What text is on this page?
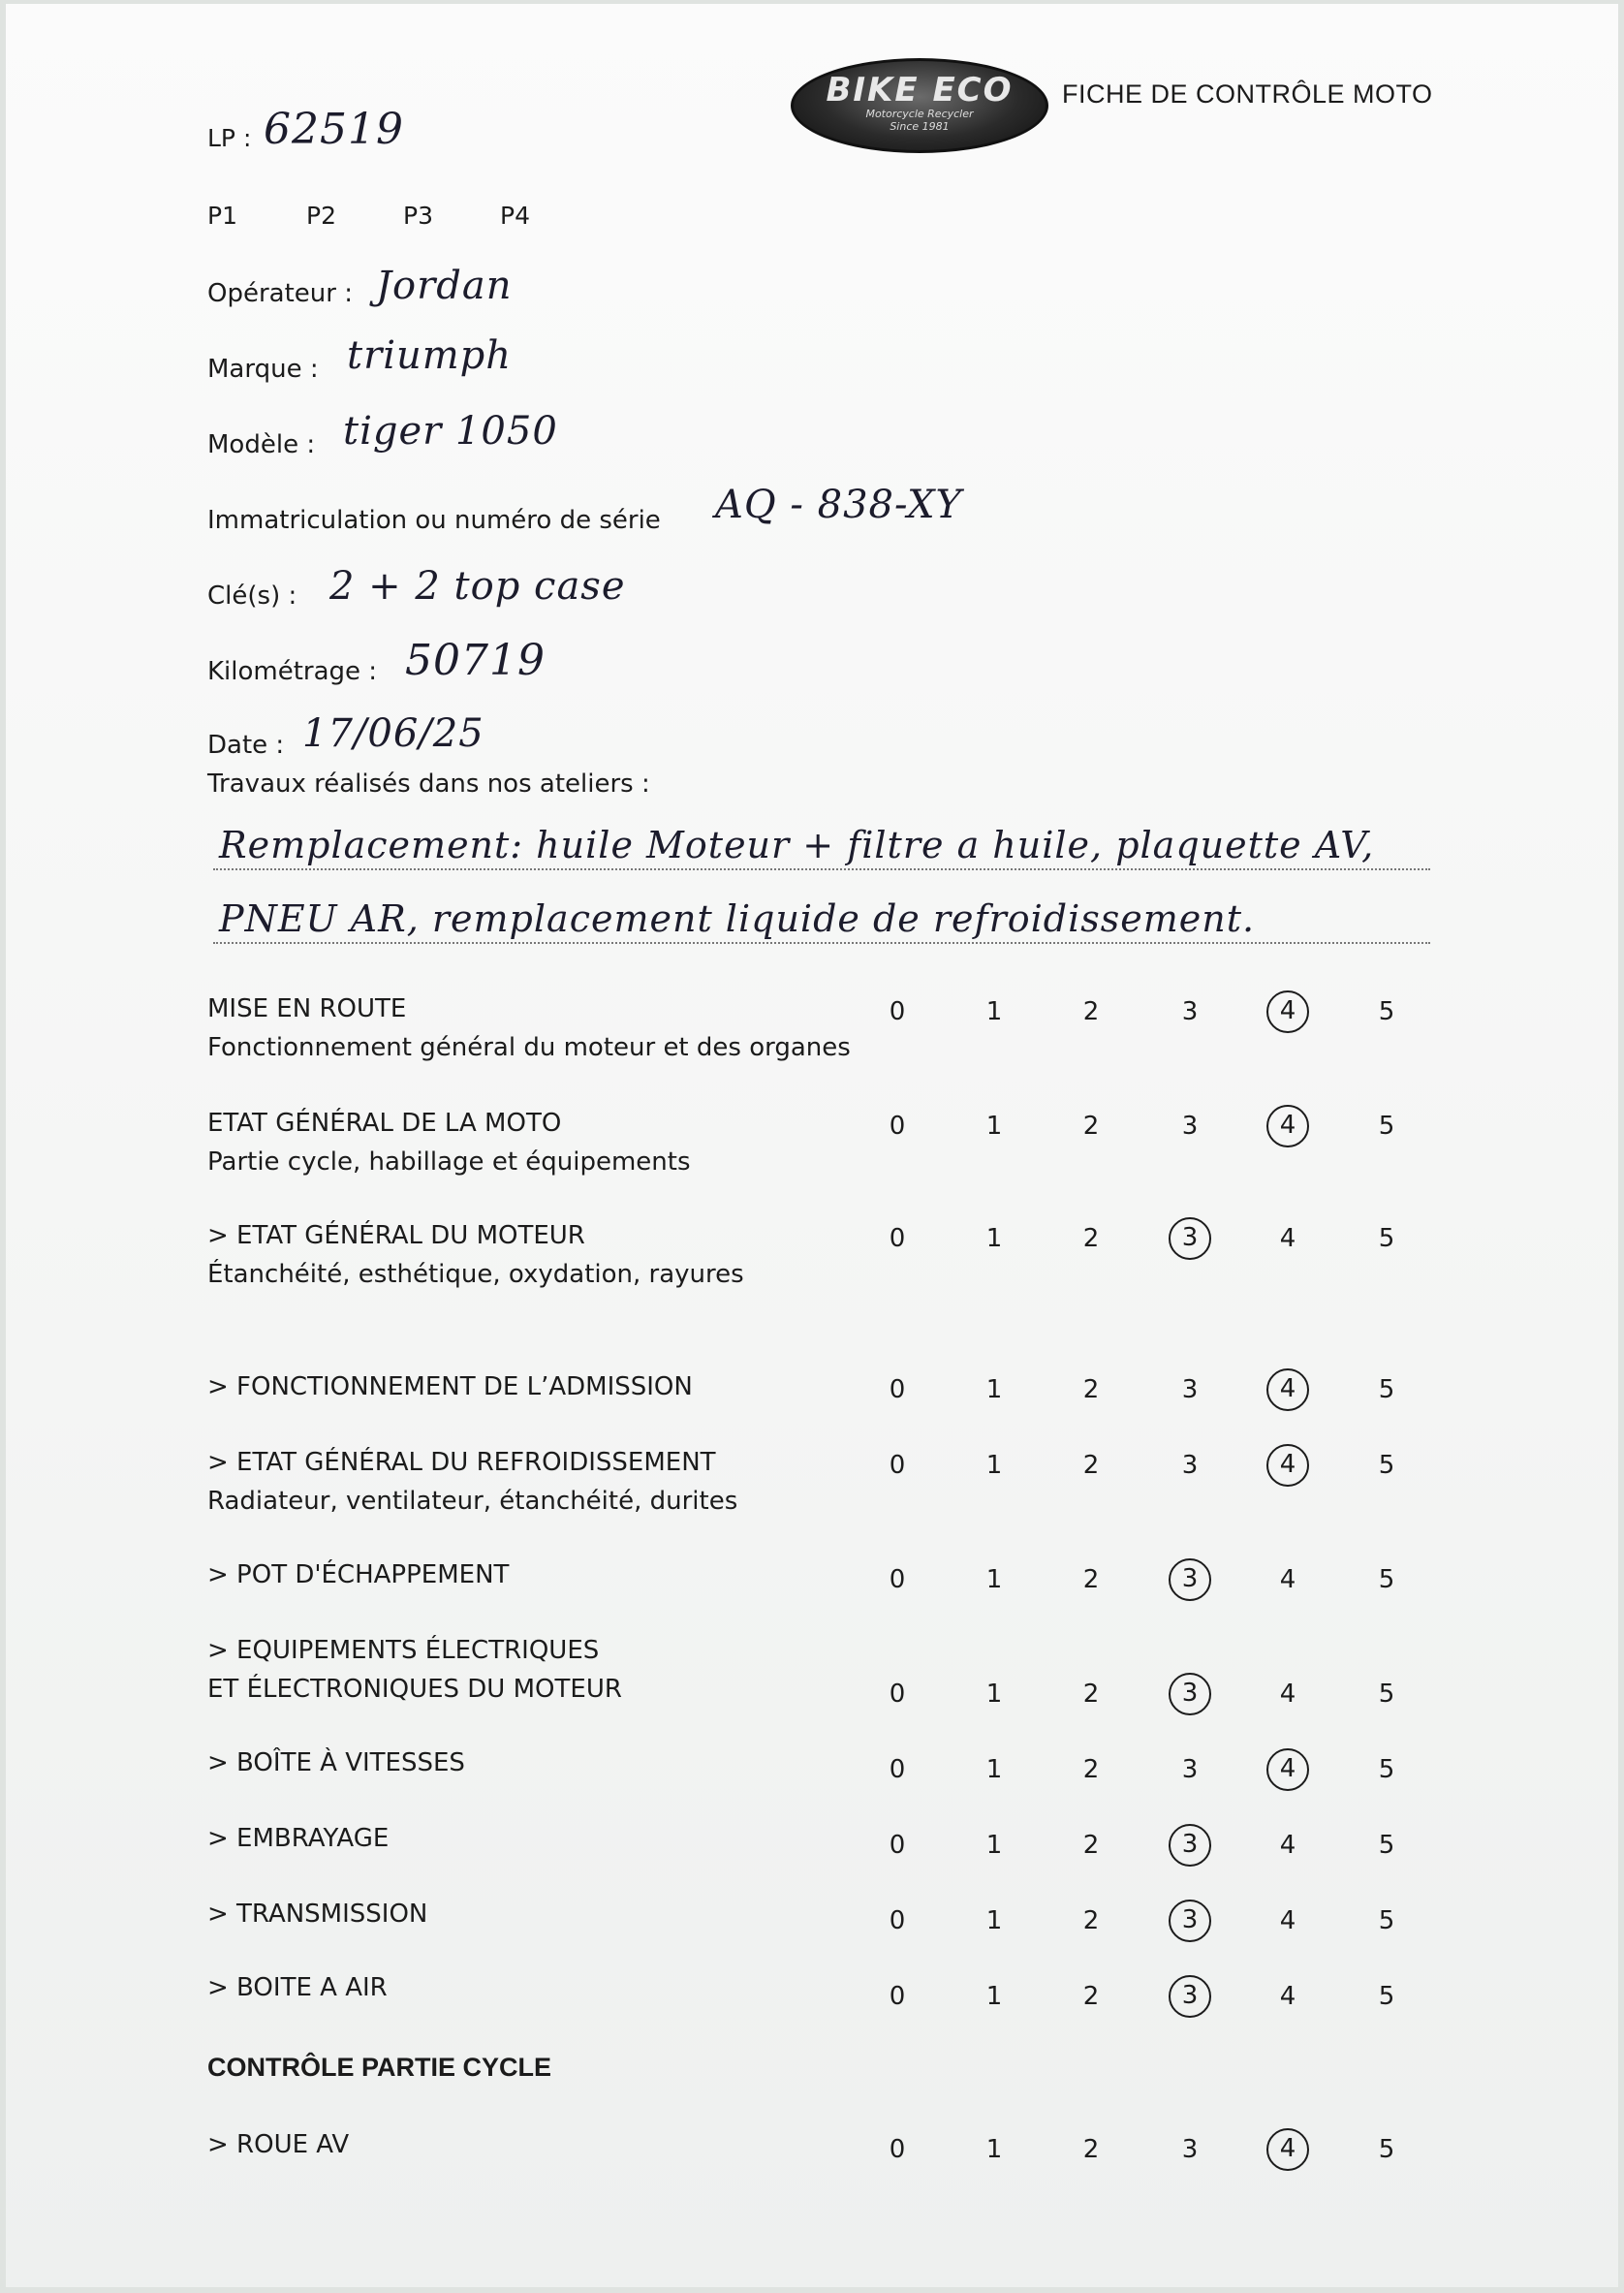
BIKE ECO
Motorcycle Recycler
Since 1981
FICHE DE CONTRÔLE MOTO
LP : 62519
P1	P2	P3	P4
Opérateur : Jordan
Marque : triumph
Modèle : tiger 1050
Immatriculation ou numéro de série AQ - 838-XY
Clé(s) : 2 + 2 top case
Kilométrage : 50719
Date : 17/06/25
Travaux réalisés dans nos ateliers :
Remplacement: huile Moteur + filtre a huile, plaquette AV,
PNEU AR, remplacement liquide de refroidissement.
MISE EN ROUTE
Fonctionnement général du moteur et des organes
0	1	2	3	4	5
ETAT GÉNÉRAL DE LA MOTO
Partie cycle, habillage et équipements
0	1	2	3	4	5
> ETAT GÉNÉRAL DU MOTEUR
Étanchéité, esthétique, oxydation, rayures
0	1	2	3	4	5
> FONCTIONNEMENT DE L’ADMISSION	0	1	2	3	4	5
> ETAT GÉNÉRAL DU REFROIDISSEMENT
Radiateur, ventilateur, étanchéité, durites
0	1	2	3	4	5
> POT D'ÉCHAPPEMENT	0	1	2	3	4	5
> EQUIPEMENTS ÉLECTRIQUES
ET ÉLECTRONIQUES DU MOTEUR	0	1	2	3	4	5
> BOÎTE À VITESSES	0	1	2	3	4	5
> EMBRAYAGE	0	1	2	3	4	5
> TRANSMISSION	0	1	2	3	4	5
> BOITE A AIR	0	1	2	3	4	5
CONTRÔLE PARTIE CYCLE
> ROUE AV	0	1	2	3	4	5
